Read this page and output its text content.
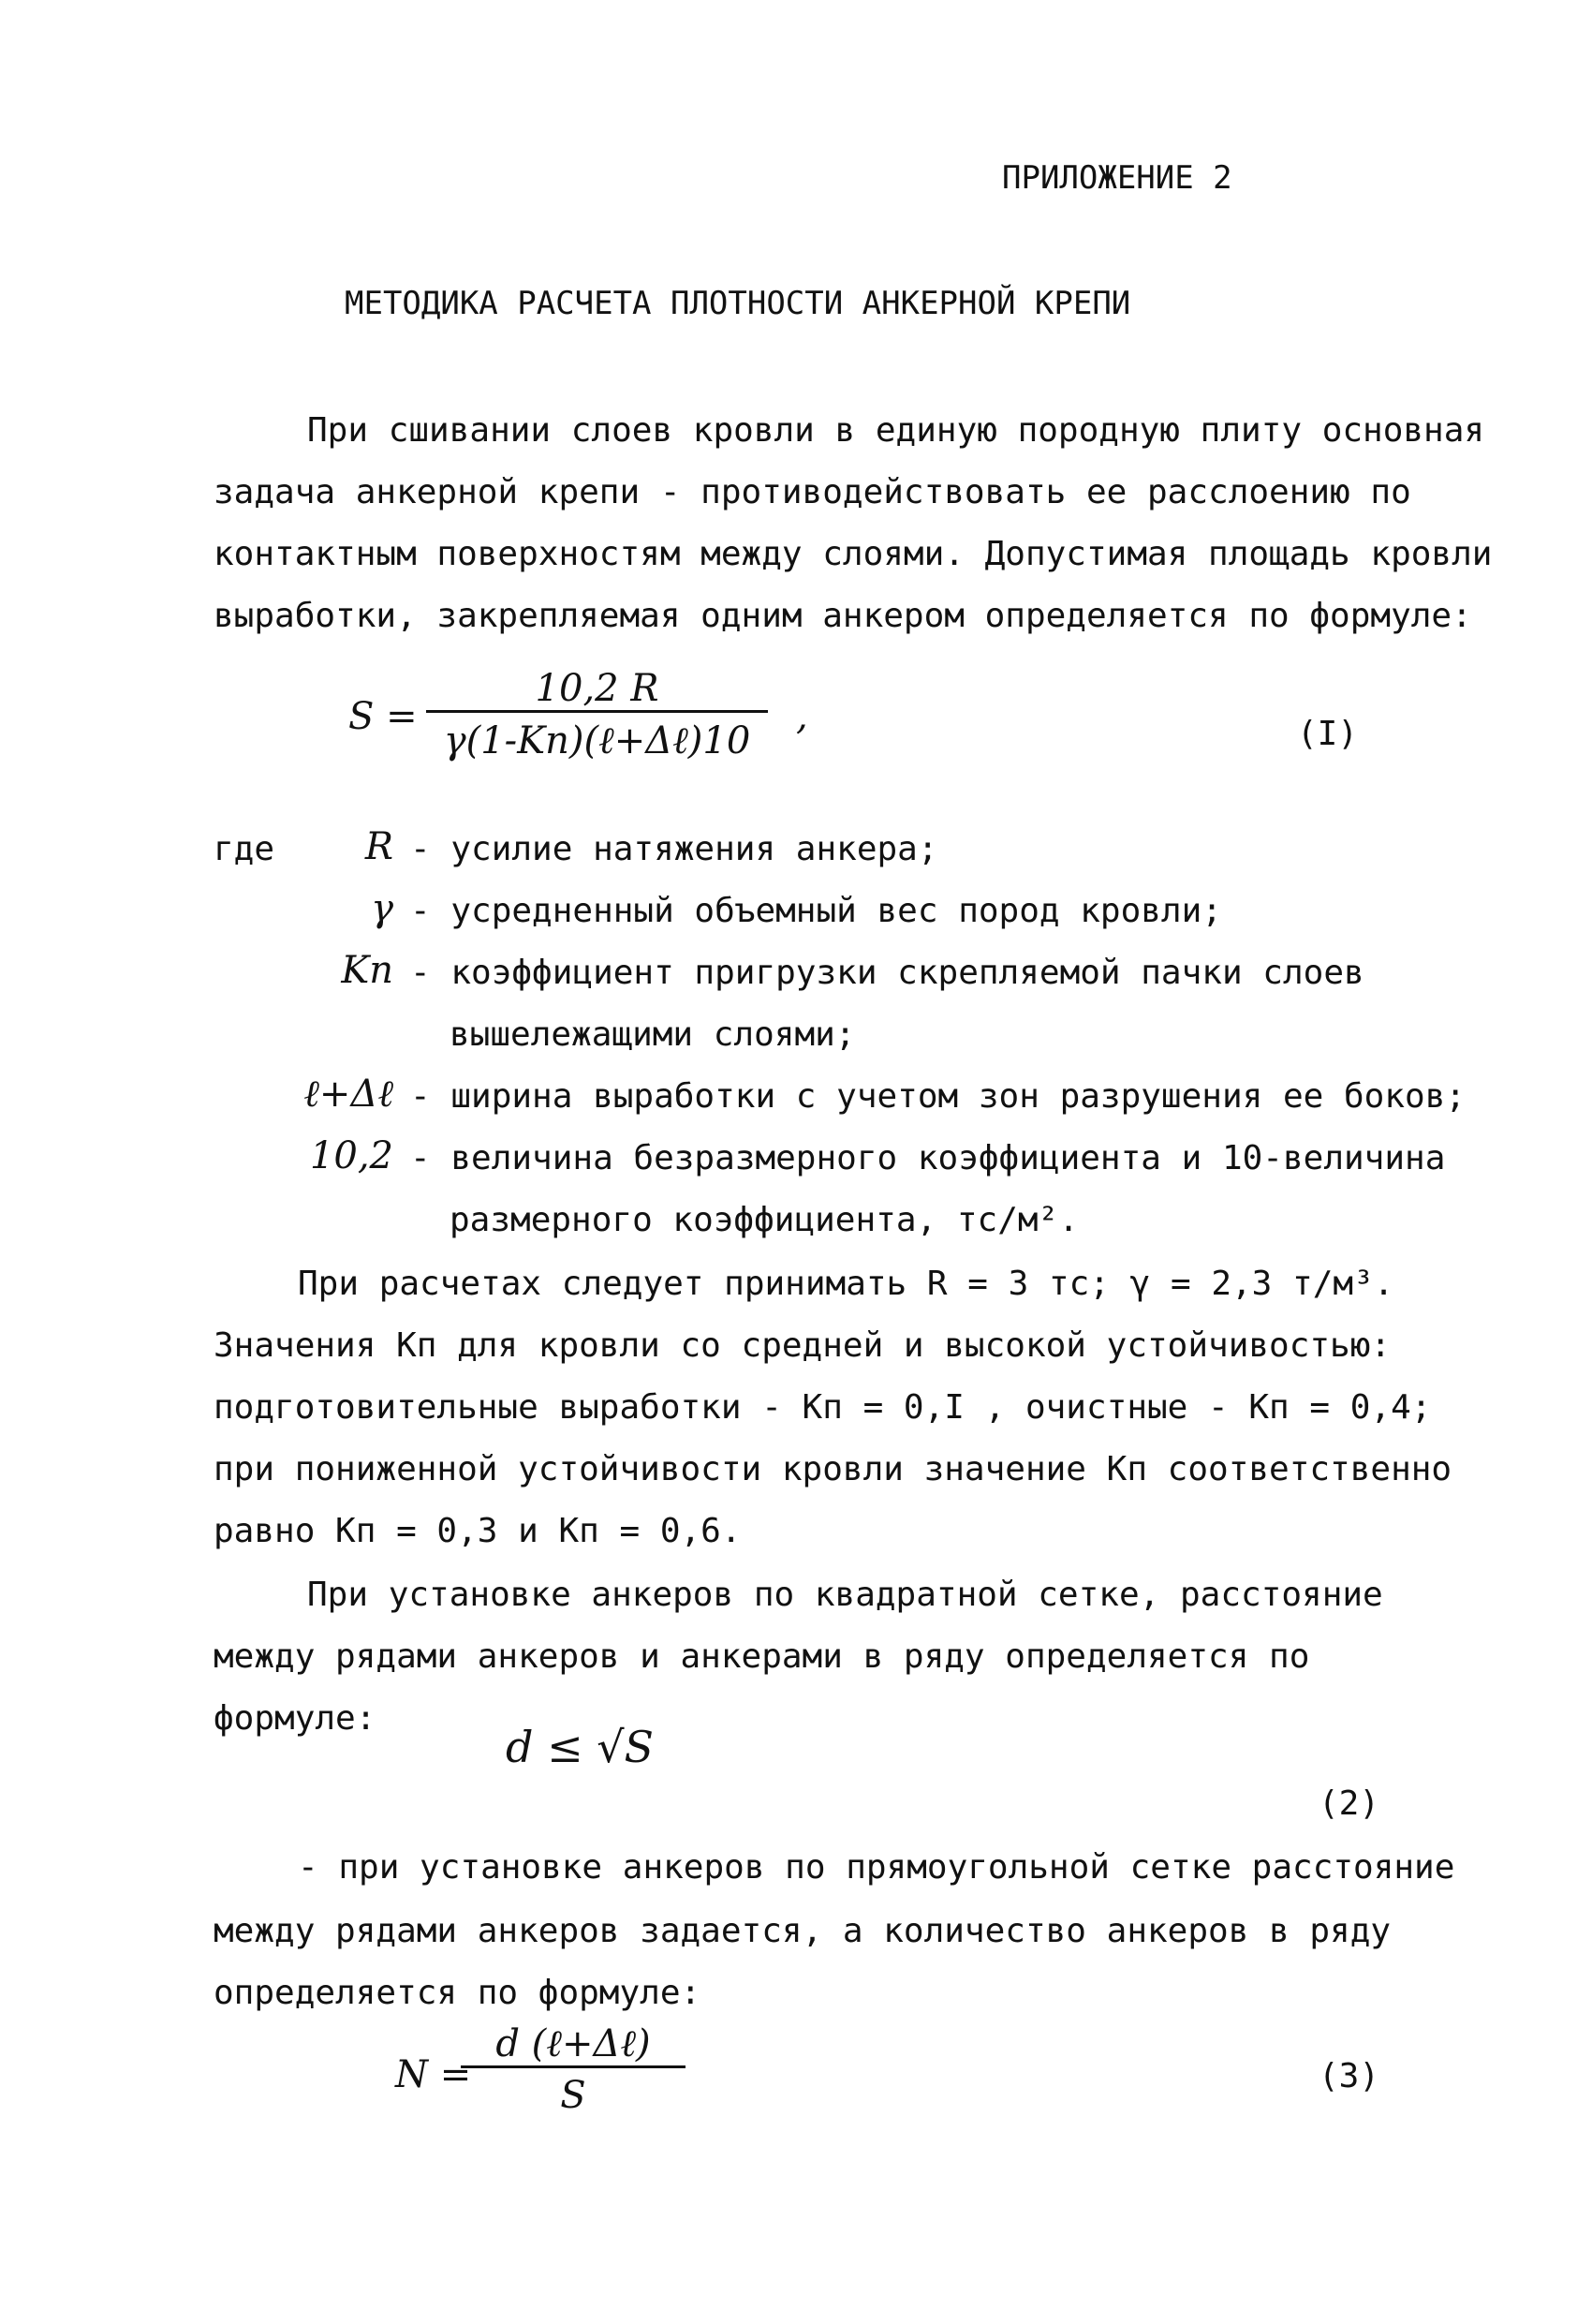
ПРИЛОЖЕНИЕ 2
МЕТОДИКА РАСЧЕТА ПЛОТНОСТИ АНКЕРНОЙ КРЕПИ
При сшивании слоев кровли в единую породную плиту основная
задача анкерной крепи - противодействовать ее расслоению по
контактным поверхностям между слоями. Допустимая площадь кровли
выработки, закрепляемая одним анкером определяется по формуле:
S =
10,2 R
γ(1-Kп)(ℓ+Δℓ)10
,	(I)
где	R - усилие натяжения анкера;
γ - усредненный объемный вес пород кровли;
Kп - коэффициент пригрузки скрепляемой пачки слоев
вышележащими слоями;
ℓ+Δℓ - ширина выработки с учетом зон разрушения ее боков;
10,2 - величина безразмерного коэффициента и 10-величина
размерного коэффициента, тс/м².
При расчетах следует принимать R = 3 тс; γ = 2,3 т/м³.
Значения Kп для кровли со средней и высокой устойчивостью:
подготовительные выработки - Kп = 0,I , очистные - Kп = 0,4;
при пониженной устойчивости кровли значение Kп соответственно
равно Kп = 0,3 и Kп = 0,6.
При установке анкеров по квадратной сетке, расстояние
между рядами анкеров и анкерами в ряду определяется по
формуле:
d ≤ √S
(2)
- при установке анкеров по прямоугольной сетке расстояние
между рядами анкеров задается, а количество анкеров в ряду
определяется по формуле:
N =
d (ℓ+Δℓ)
S	(3)
